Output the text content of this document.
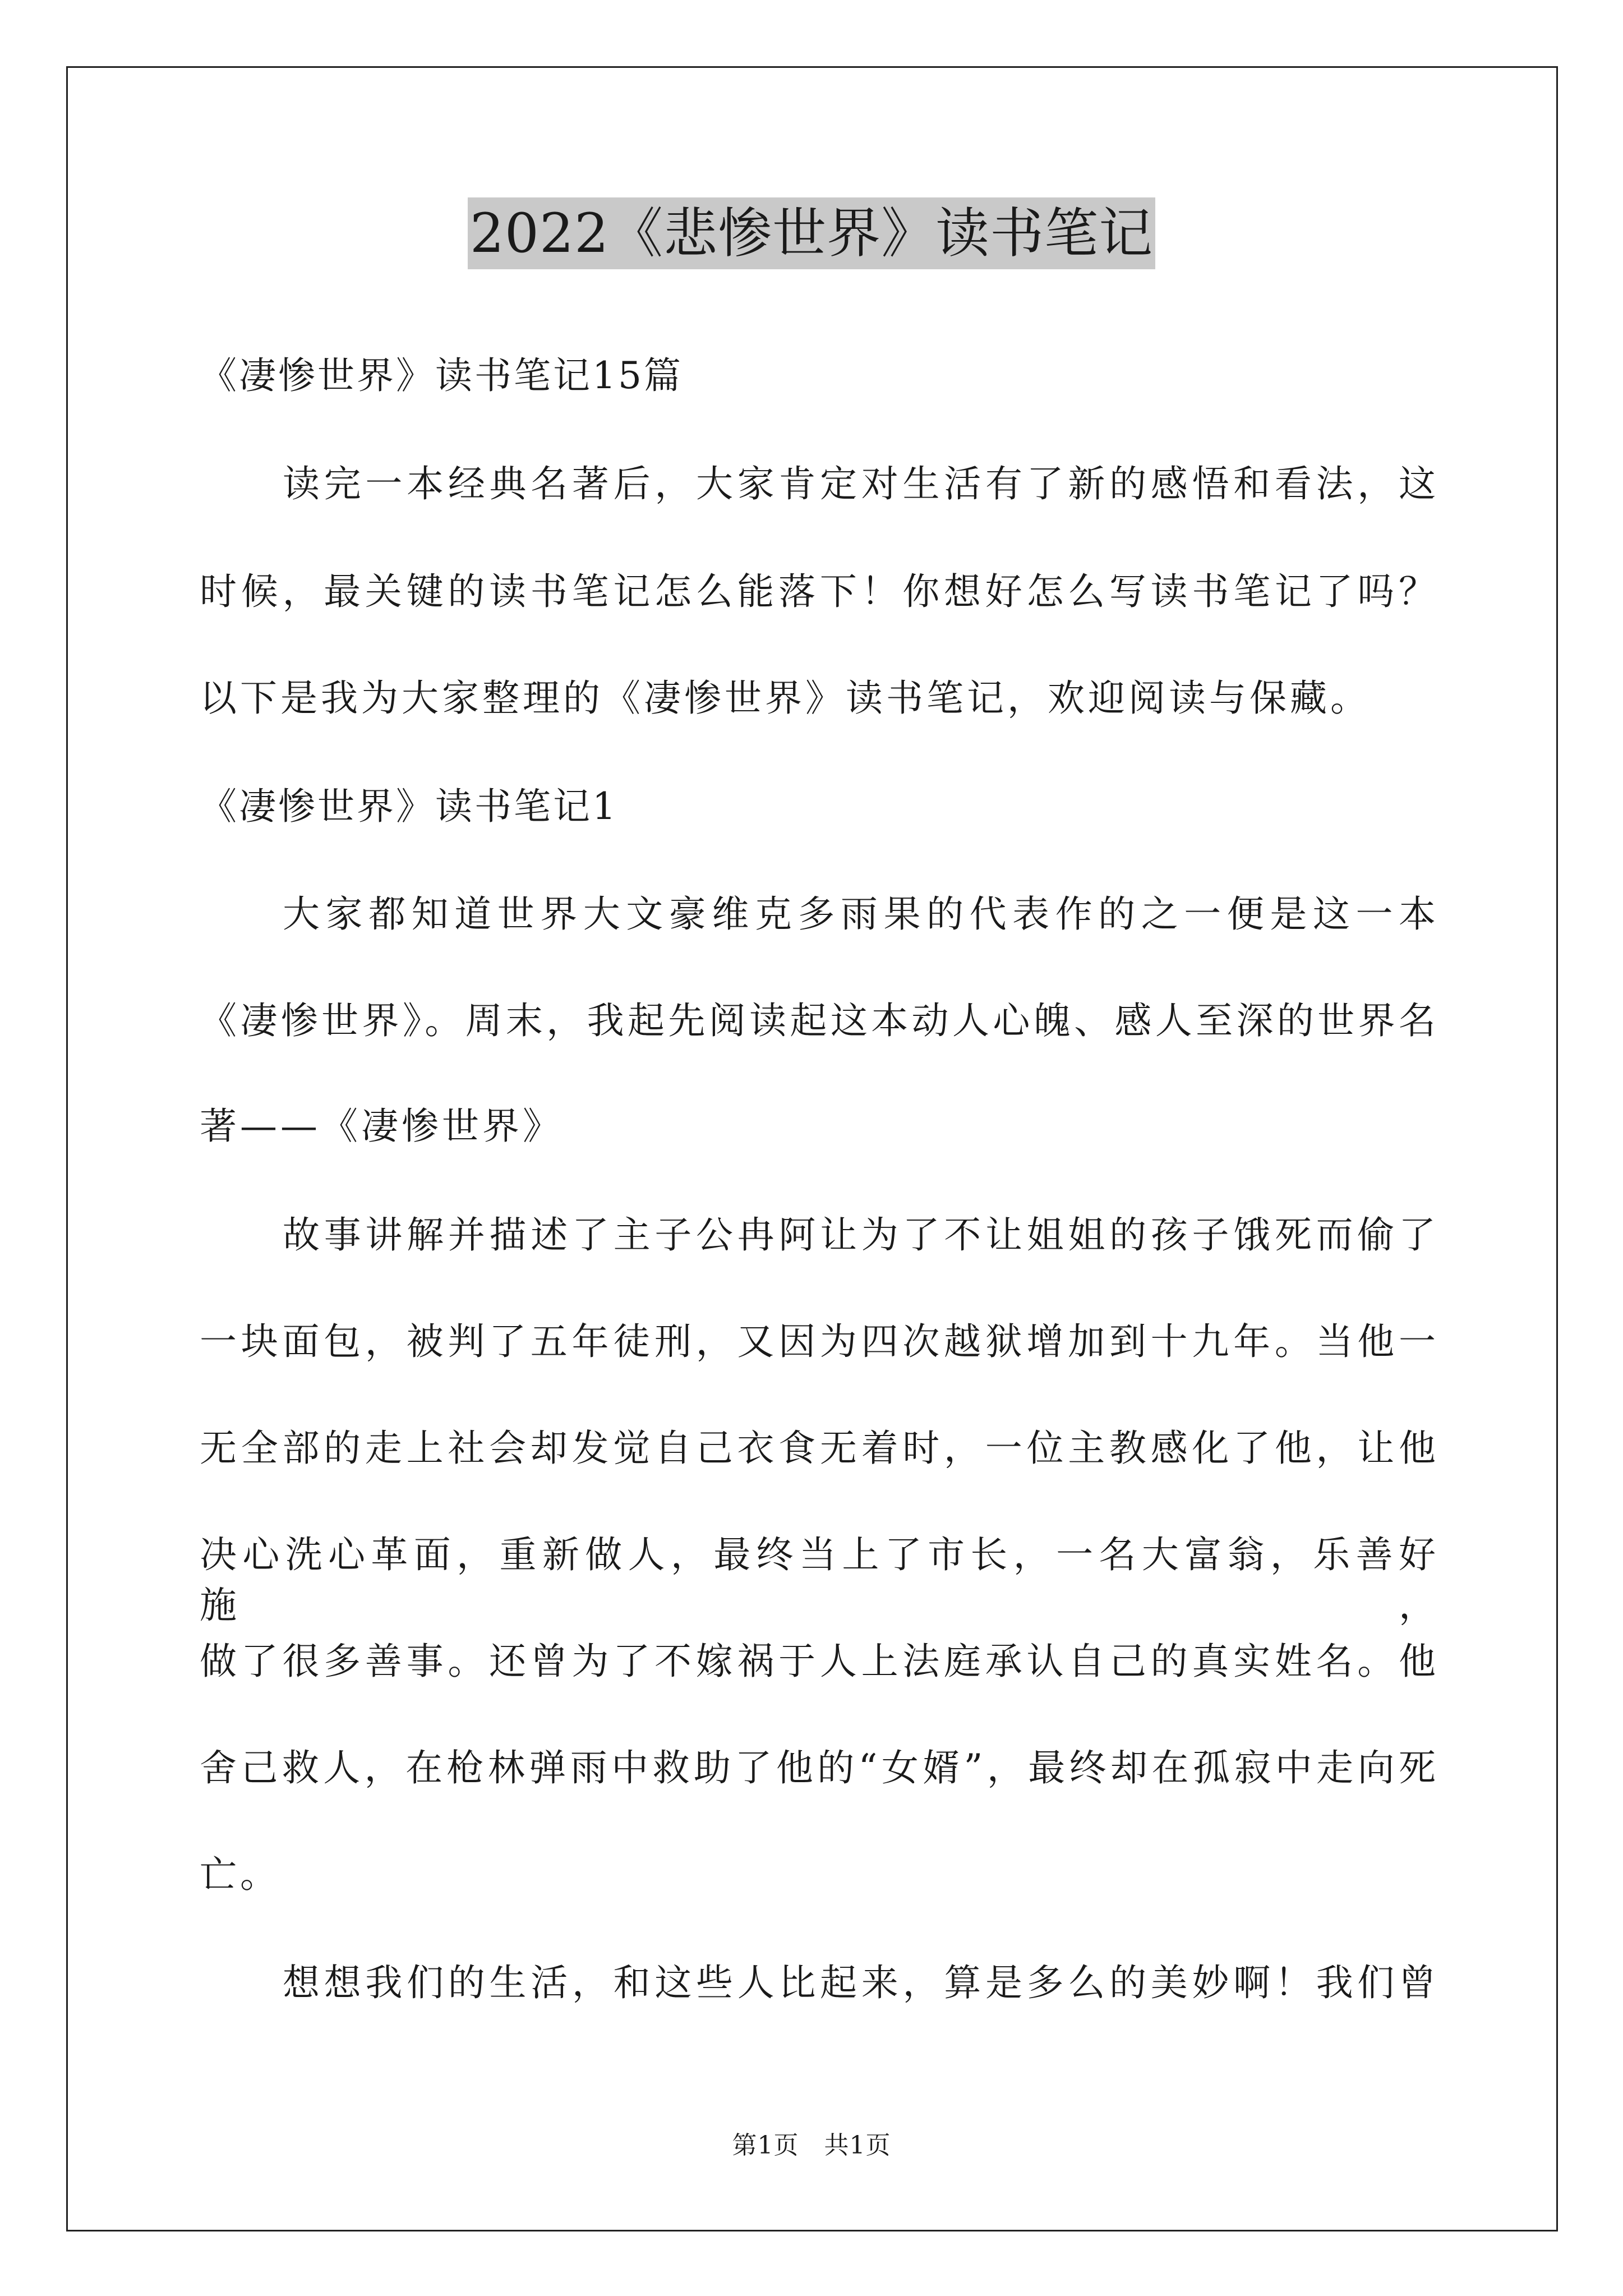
2022《悲惨世界》读书笔记
《凄惨世界》读书笔记15篇
读完一本经典名著后，大家肯定对生活有了新的感悟和看法，这
时候，最关键的读书笔记怎么能落下！你想好怎么写读书笔记了吗？
以下是我为大家整理的《凄惨世界》读书笔记，欢迎阅读与保藏。
《凄惨世界》读书笔记1
大家都知道世界大文豪维克多雨果的代表作的之一便是这一本
《凄惨世界》。周末，我起先阅读起这本动人心魄、感人至深的世界名
著——《凄惨世界》
故事讲解并描述了主子公冉阿让为了不让姐姐的孩子饿死而偷了
一块面包，被判了五年徒刑，又因为四次越狱增加到十九年。当他一
无全部的走上社会却发觉自己衣食无着时，一位主教感化了他，让他
决心洗心革面，重新做人，最终当上了市长，一名大富翁，乐善好施，
做了很多善事。还曾为了不嫁祸于人上法庭承认自己的真实姓名。他
舍己救人，在枪林弹雨中救助了他的“女婿”，最终却在孤寂中走向死
亡。
想想我们的生活，和这些人比起来，算是多么的美妙啊！我们曾
第1页　共1页
